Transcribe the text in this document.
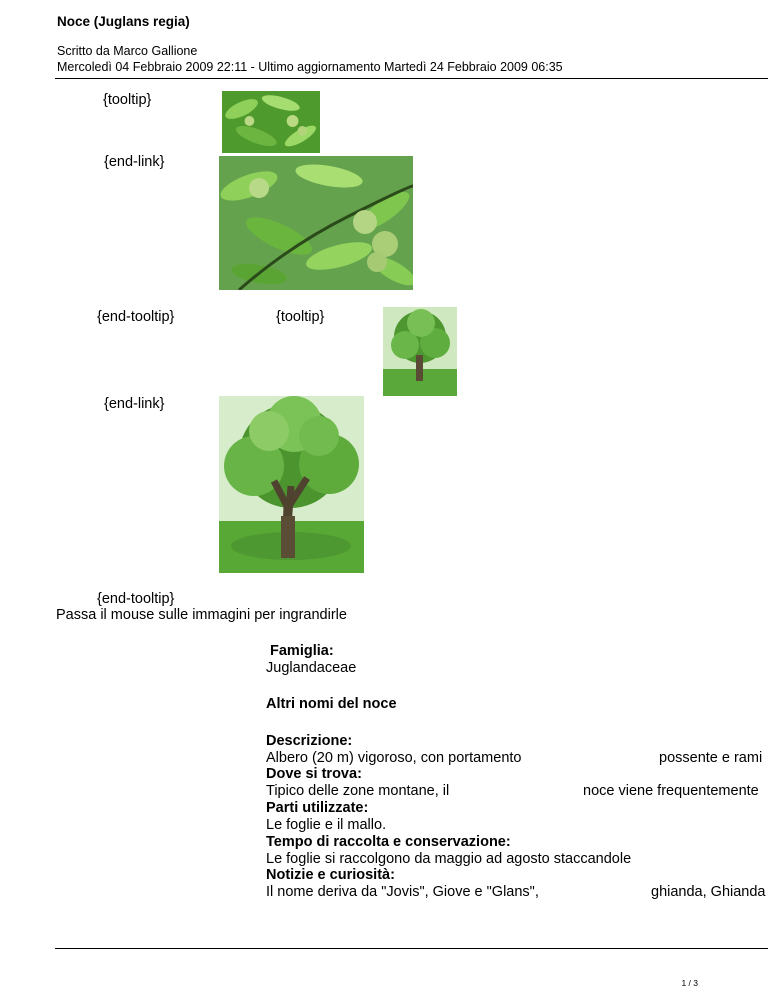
Noce (Juglans regia)
Scritto da Marco Gallione
Mercoledì 04 Febbraio 2009 22:11 - Ultimo aggiornamento Martedì 24 Febbraio 2009 06:35
{tooltip}
{end-link}
{end-tooltip}	{tooltip}
{end-link}
{end-tooltip}
Passa il mouse sulle immagini per ingrandirle
Famiglia:
Juglandaceae
Altri nomi del noce
Descrizione:
Albero (20 m) vigoroso, con portamento	possente e rami
Dove si trova:
Tipico delle zone montane, il	noce viene frequentemente
Parti utilizzate:
Le foglie e il mallo.
Tempo di raccolta e conservazione:
Le foglie si raccolgono da maggio ad agosto staccandole
Notizie e curiosità:
Il nome deriva da "Jovis", Giove e "Glans",	ghianda, Ghianda
1 / 3
